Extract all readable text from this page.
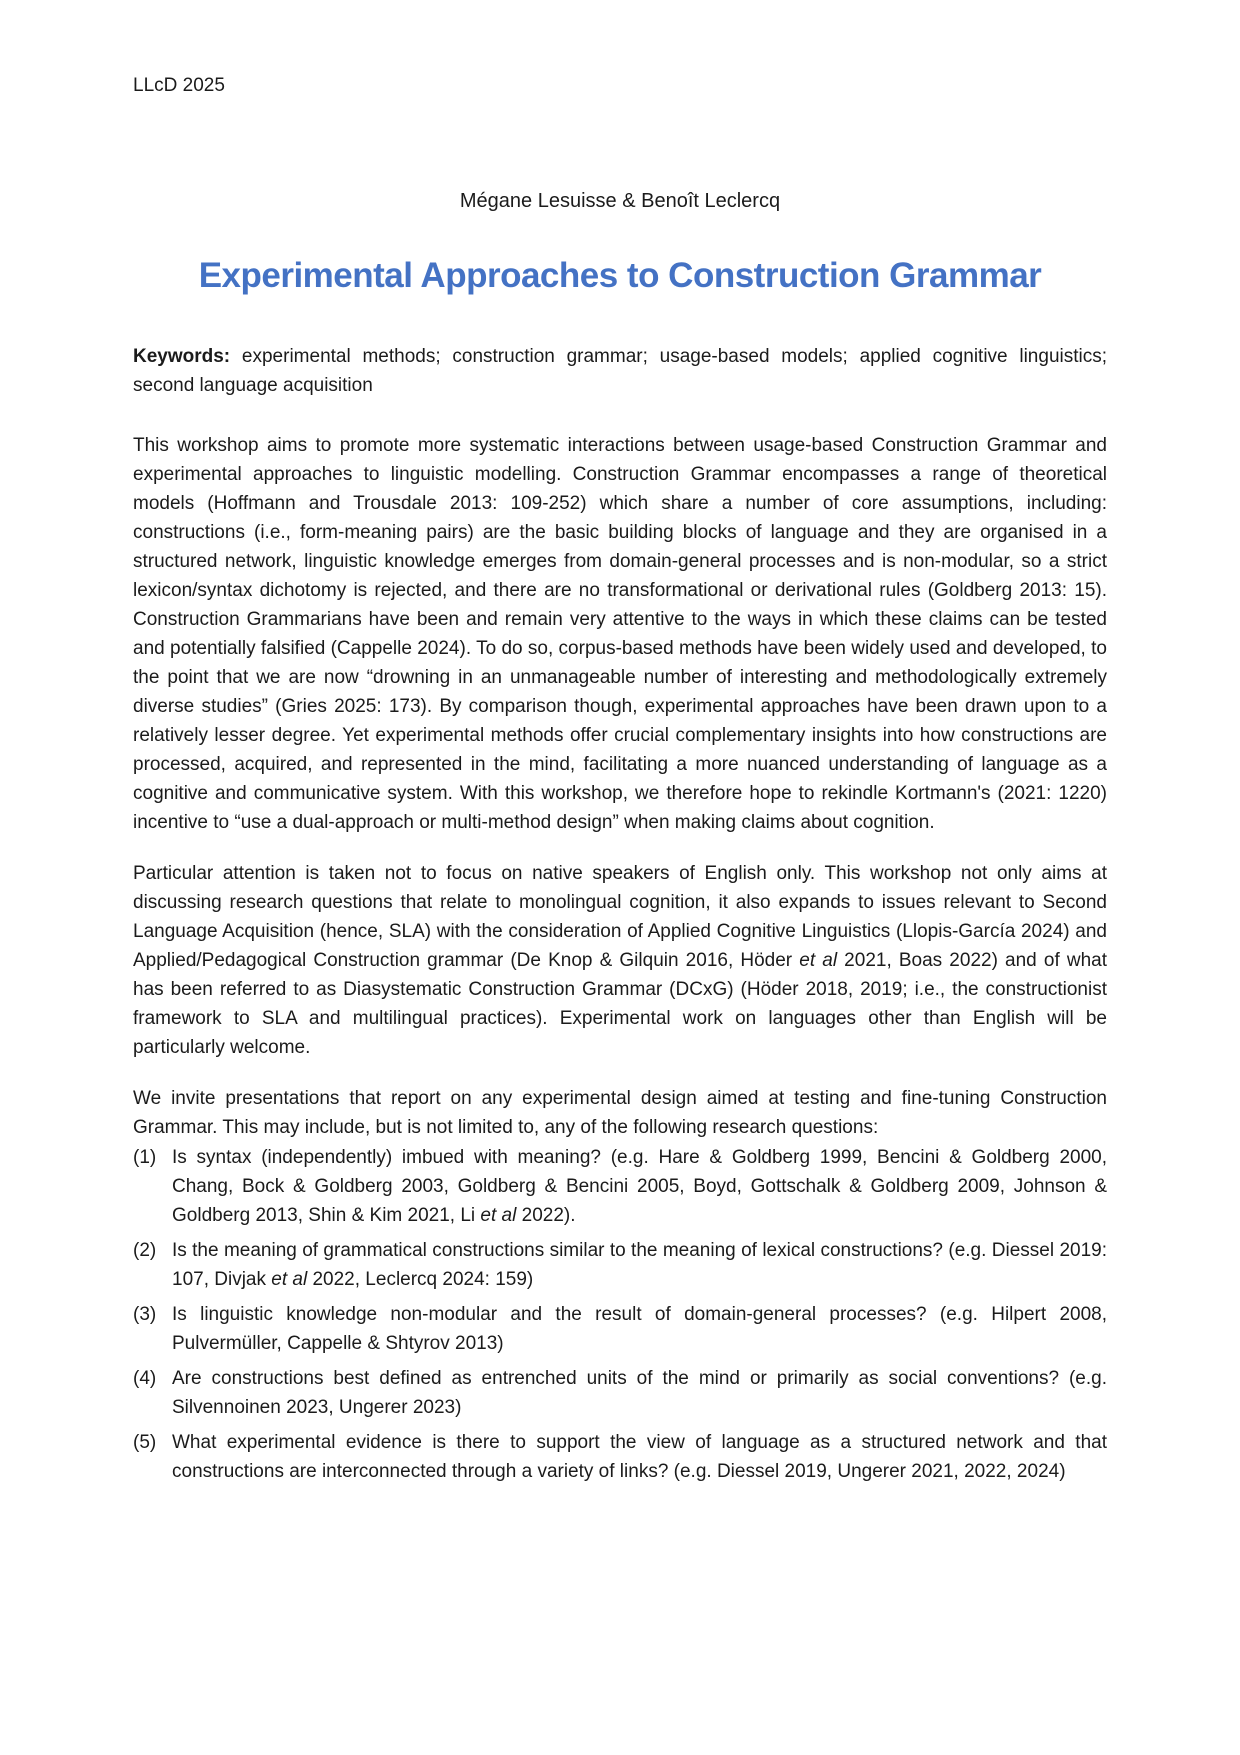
LLcD 2025
Mégane Lesuisse & Benoît Leclercq
Experimental Approaches to Construction Grammar

Keywords: experimental methods; construction grammar; usage-based models; applied cognitive linguistics; second language acquisition

This workshop aims to promote more systematic interactions between usage-based Construction Grammar and experimental approaches to linguistic modelling. Construction Grammar encompasses a range of theoretical models (Hoffmann and Trousdale 2013: 109-252) which share a number of core assumptions, including: constructions (i.e., form-meaning pairs) are the basic building blocks of language and they are organised in a structured network, linguistic knowledge emerges from domain-general processes and is non-modular, so a strict lexicon/syntax dichotomy is rejected, and there are no transformational or derivational rules (Goldberg 2013: 15). Construction Grammarians have been and remain very attentive to the ways in which these claims can be tested and potentially falsified (Cappelle 2024). To do so, corpus-based methods have been widely used and developed, to the point that we are now “drowning in an unmanageable number of interesting and methodologically extremely diverse studies” (Gries 2025: 173). By comparison though, experimental approaches have been drawn upon to a relatively lesser degree. Yet experimental methods offer crucial complementary insights into how constructions are processed, acquired, and represented in the mind, facilitating a more nuanced understanding of language as a cognitive and communicative system. With this workshop, we therefore hope to rekindle Kortmann's (2021: 1220) incentive to “use a dual-approach or multi-method design” when making claims about cognition.

Particular attention is taken not to focus on native speakers of English only. This workshop not only aims at discussing research questions that relate to monolingual cognition, it also expands to issues relevant to Second Language Acquisition (hence, SLA) with the consideration of Applied Cognitive Linguistics (Llopis-García 2024) and Applied/Pedagogical Construction grammar (De Knop & Gilquin 2016, Höder et al 2021, Boas 2022) and of what has been referred to as Diasystematic Construction Grammar (DCxG) (Höder 2018, 2019; i.e., the constructionist framework to SLA and multilingual practices). Experimental work on languages other than English will be particularly welcome.

We invite presentations that report on any experimental design aimed at testing and fine-tuning Construction Grammar. This may include, but is not limited to, any of the following research questions:

(1) Is syntax (independently) imbued with meaning? (e.g. Hare & Goldberg 1999, Bencini & Goldberg 2000, Chang, Bock & Goldberg 2003, Goldberg & Bencini 2005, Boyd, Gottschalk & Goldberg 2009, Johnson & Goldberg 2013, Shin & Kim 2021, Li et al 2022).
(2) Is the meaning of grammatical constructions similar to the meaning of lexical constructions? (e.g. Diessel 2019: 107, Divjak et al 2022, Leclercq 2024: 159)
(3) Is linguistic knowledge non-modular and the result of domain-general processes? (e.g. Hilpert 2008, Pulvermüller, Cappelle & Shtyrov 2013)
(4) Are constructions best defined as entrenched units of the mind or primarily as social conventions? (e.g. Silvennoinen 2023, Ungerer 2023)
(5) What experimental evidence is there to support the view of language as a structured network and that constructions are interconnected through a variety of links? (e.g. Diessel 2019, Ungerer 2021, 2022, 2024)
